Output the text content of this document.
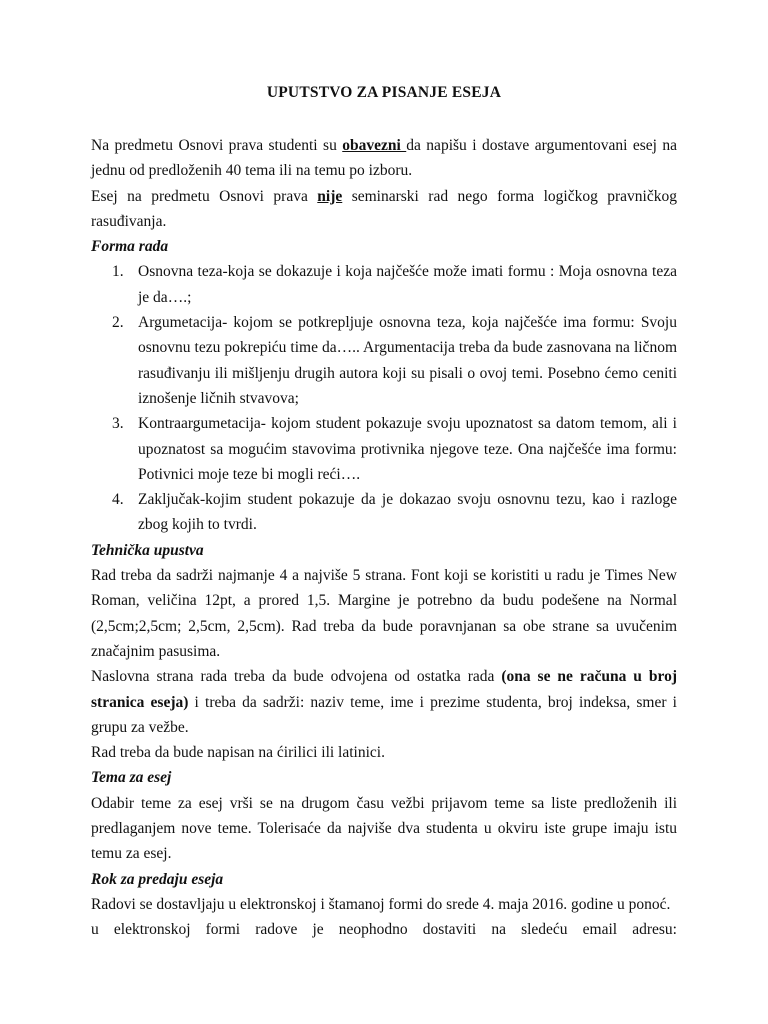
UPUTSTVO ZA PISANJE ESEJA

Na predmetu Osnovi prava studenti su obavezni da napišu i dostave argumentovani esej na jednu od predloženih 40 tema ili na temu po izboru.

Esej na predmetu Osnovi prava nije seminarski rad nego forma logičkog pravničkog rasuđivanja.

Forma rada

1. Osnovna teza-koja se dokazuje i koja najčešće može imati formu : Moja osnovna teza je da….;
2. Argumetacija- kojom se potkrepljuje osnovna teza, koja najčešće ima formu: Svoju osnovnu tezu pokrepiću time da….. Argumentacija treba da bude zasnovana na ličnom rasuđivanju ili mišljenju drugih autora koji su pisali o ovoj temi. Posebno ćemo ceniti iznošenje ličnih stvavova;
3. Kontraargumetacija- kojom student pokazuje svoju upoznatost sa datom temom, ali i upoznatost sa mogućim stavovima protivnika njegove teze. Ona najčešće ima formu: Potivnici moje teze bi mogli reći….
4. Zaključak-kojim student pokazuje da je dokazao svoju osnovnu tezu, kao i razloge zbog kojih to tvrdi.

Tehnička upustva

Rad treba da sadrži najmanje 4 a najviše 5 strana. Font koji se koristiti u radu je Times New Roman, veličina 12pt, a prored 1,5. Margine je potrebno da budu podešene na Normal (2,5cm;2,5cm; 2,5cm, 2,5cm). Rad treba da bude poravnjanan sa obe strane sa uvučenim značajnim pasusima.

Naslovna strana rada treba da bude odvojena od ostatka rada (ona se ne računa u broj stranica eseja) i treba da sadrži: naziv teme, ime i prezime studenta, broj indeksa, smer i grupu za vežbe.

Rad treba da bude napisan na ćirilici ili latinici.

Tema za esej

Odabir teme za esej vrši se na drugom času vežbi prijavom teme sa liste predloženih ili predlaganjem nove teme. Tolerisaće da najviše dva studenta u okviru iste grupe imaju istu temu za esej.

Rok za predaju eseja

Radovi se dostavljaju u elektronskoj i štamanoj formi do srede 4. maja 2016. godine u ponoć.

u elektronskoj formi radove je neophodno dostaviti na sledeću email adresu:
